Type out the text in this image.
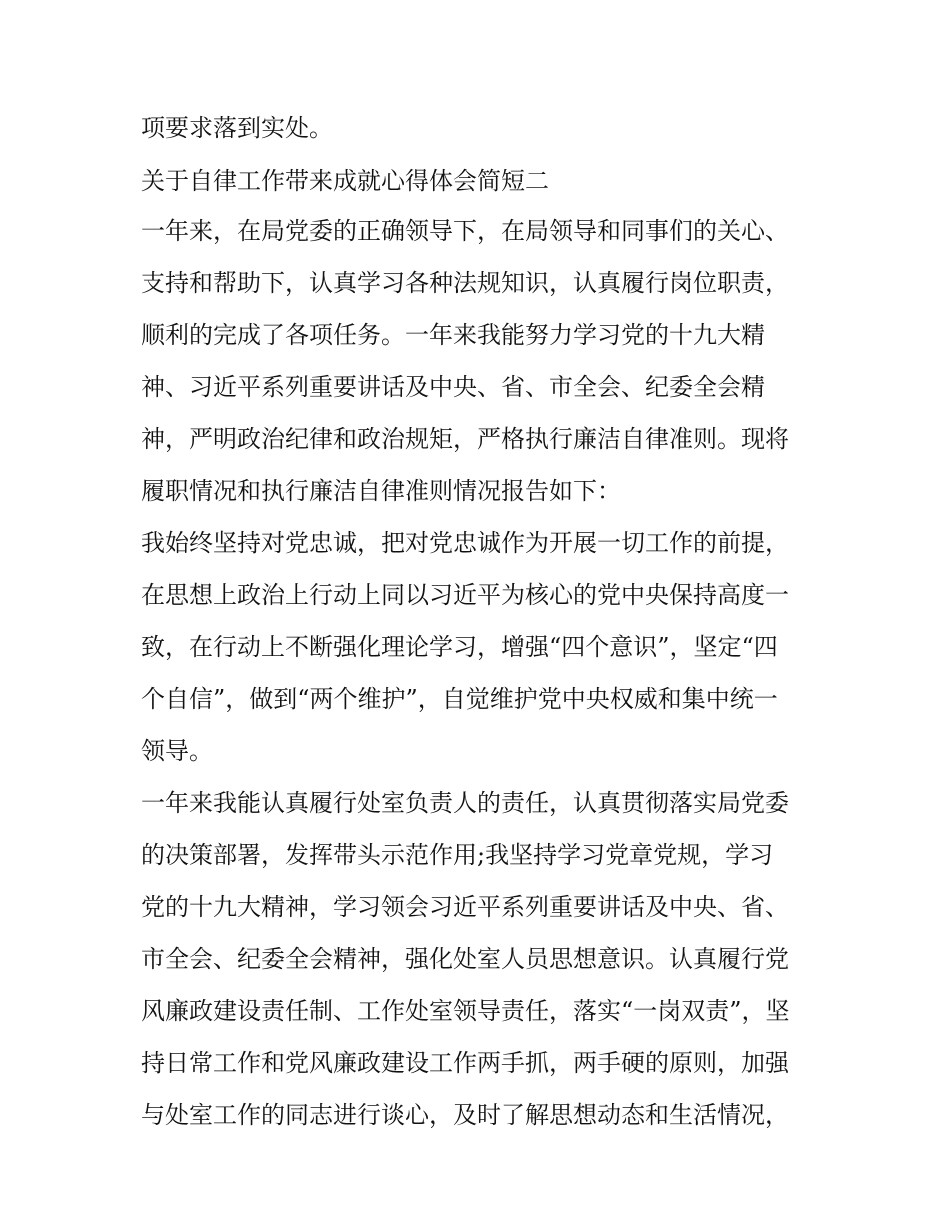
项要求落到实处。

关于自律工作带来成就心得体会简短二

一年来，在局党委的正确领导下，在局领导和同事们的关心、

支持和帮助下，认真学习各种法规知识，认真履行岗位职责，

顺利的完成了各项任务。一年来我能努力学习党的十九大精

神、习近平系列重要讲话及中央、省、市全会、纪委全会精

神，严明政治纪律和政治规矩，严格执行廉洁自律准则。现将

履职情况和执行廉洁自律准则情况报告如下：

我始终坚持对党忠诚，把对党忠诚作为开展一切工作的前提，

在思想上政治上行动上同以习近平为核心的党中央保持高度一

致，在行动上不断强化理论学习，增强“四个意识”，坚定“四

个自信”，做到“两个维护”，自觉维护党中央权威和集中统一

领导。

一年来我能认真履行处室负责人的责任，认真贯彻落实局党委

的决策部署，发挥带头示范作用;我坚持学习党章党规，学习

党的十九大精神，学习领会习近平系列重要讲话及中央、省、

市全会、纪委全会精神，强化处室人员思想意识。认真履行党

风廉政建设责任制、工作处室领导责任，落实“一岗双责”，坚

持日常工作和党风廉政建设工作两手抓，两手硬的原则，加强

与处室工作的同志进行谈心，及时了解思想动态和生活情况，
